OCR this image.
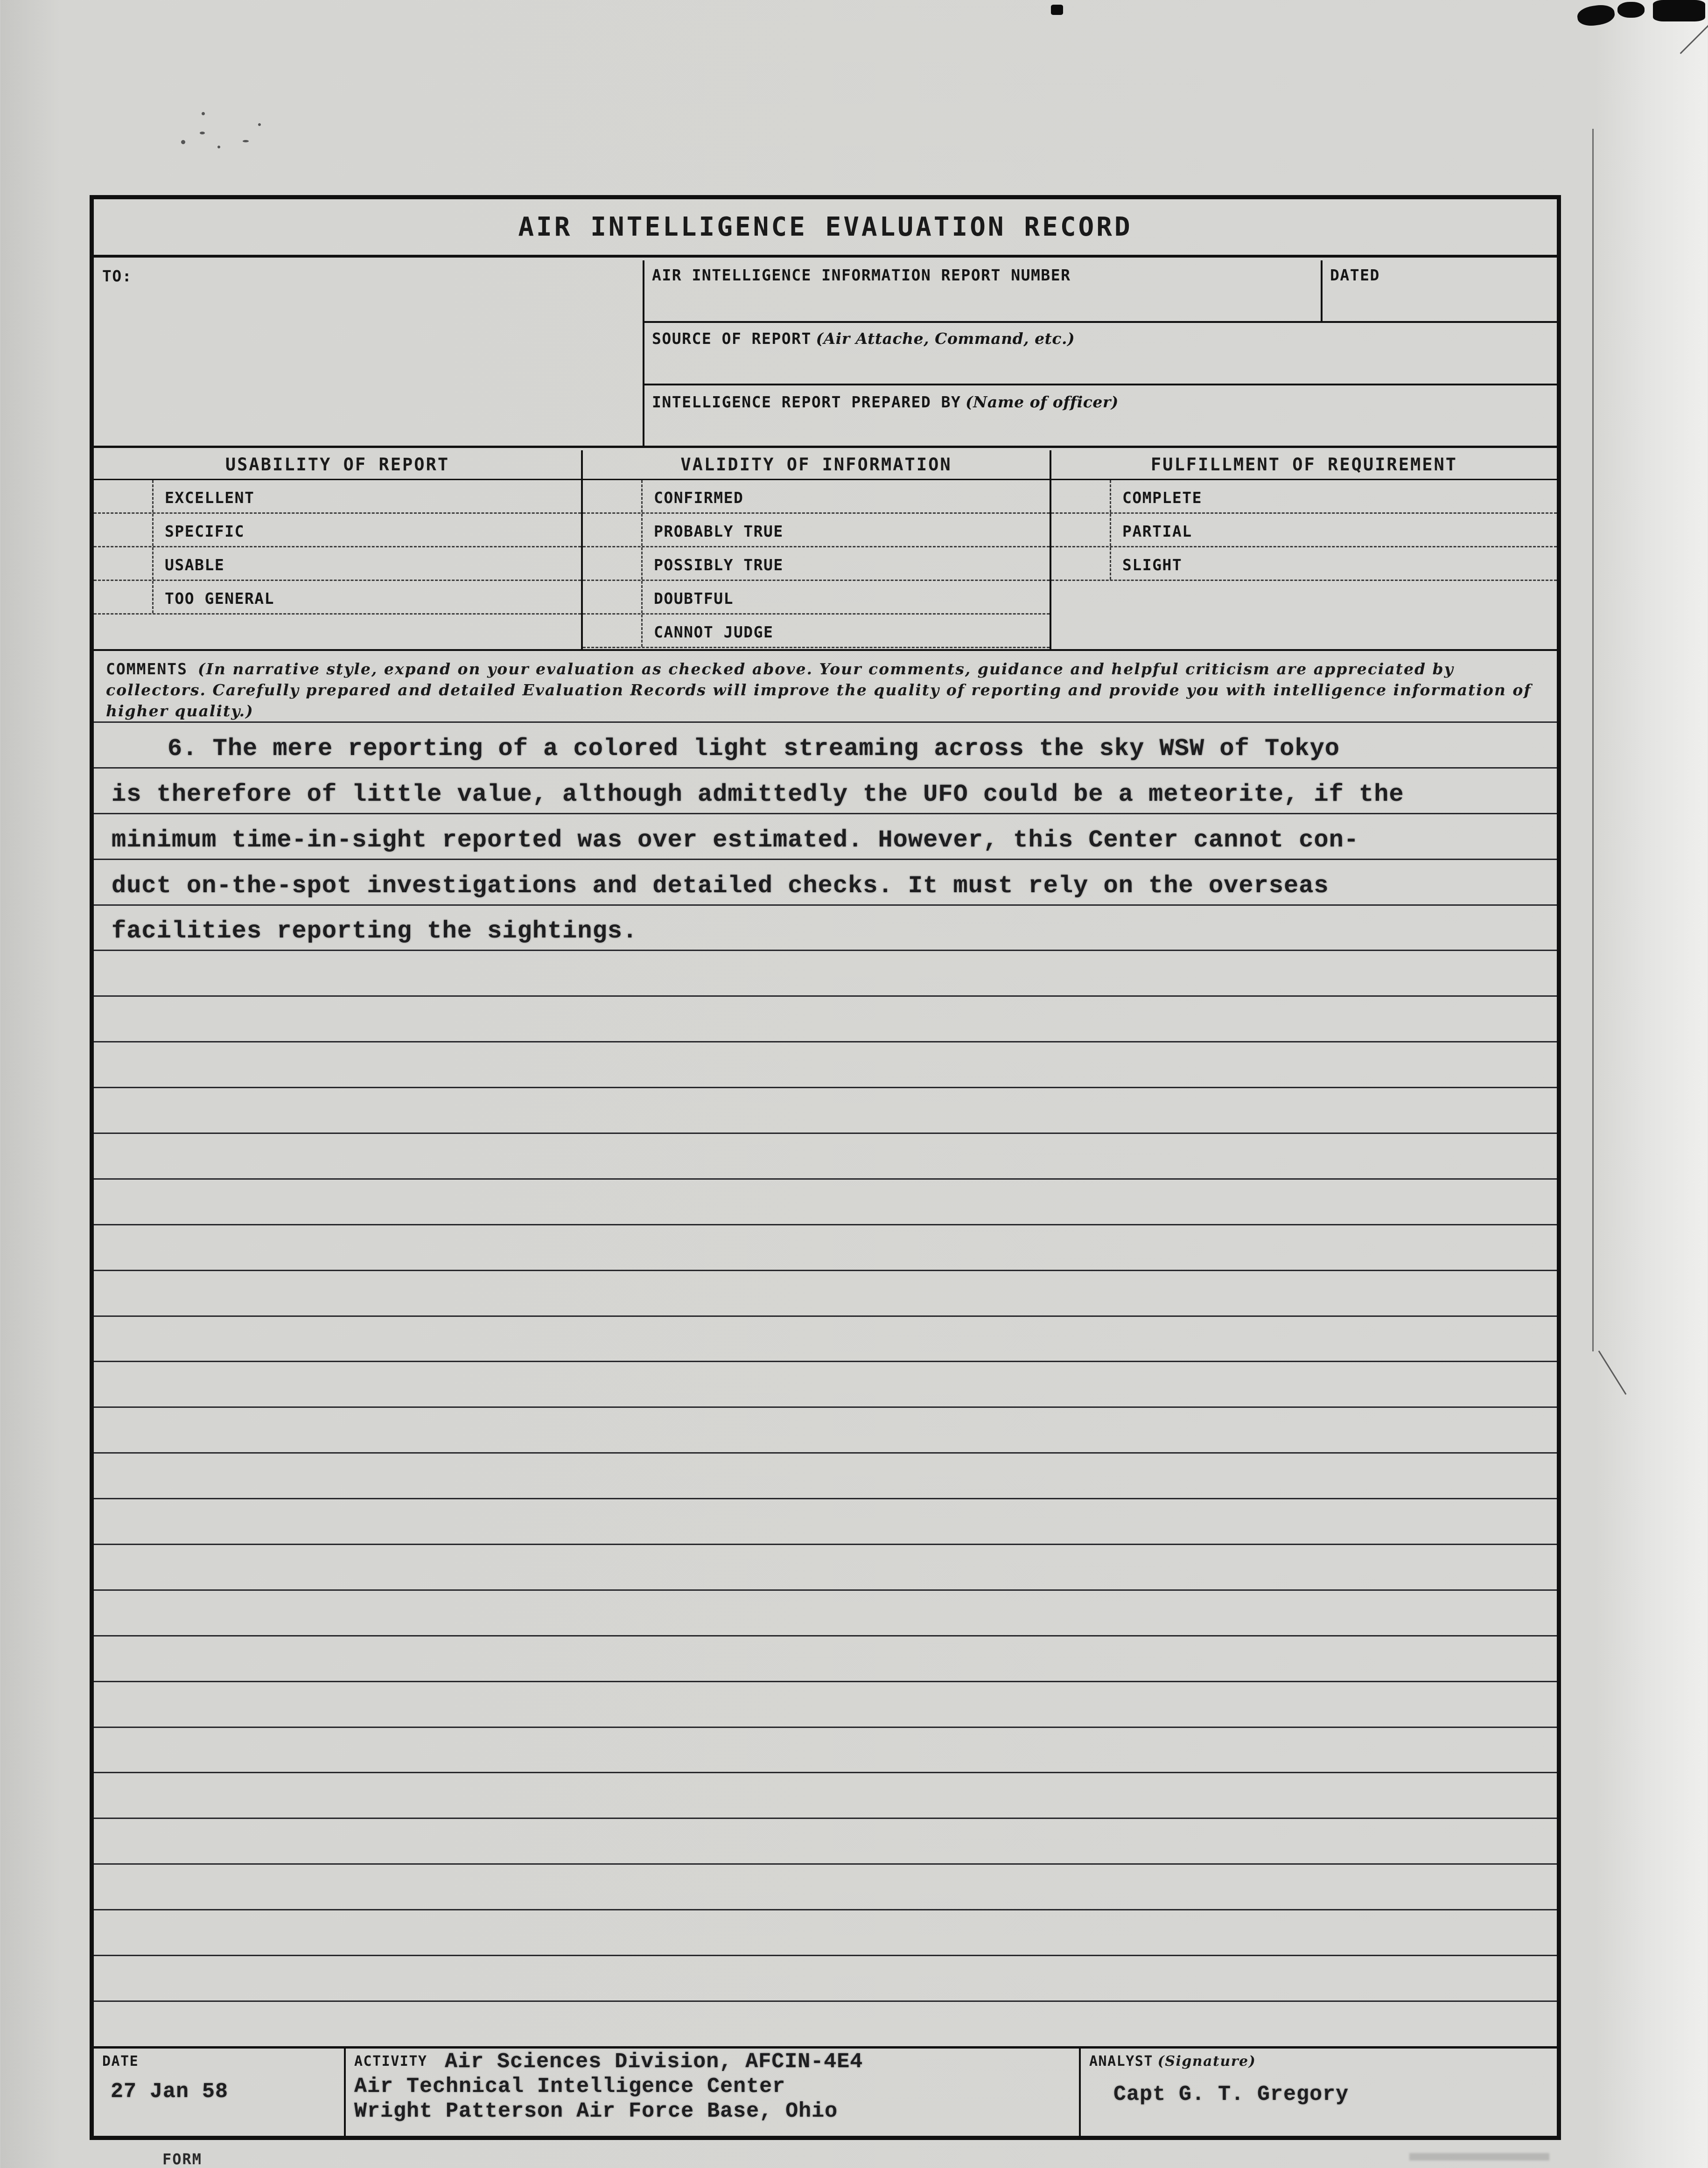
AIR INTELLIGENCE EVALUATION RECORD
TO:	AIR INTELLIGENCE INFORMATION REPORT NUMBER	DATED
SOURCE OF REPORT (Air Attache, Command, etc.)
INTELLIGENCE REPORT PREPARED BY (Name of officer)
USABILITY OF REPORT
EXCELLENT
SPECIFIC
USABLE
TOO GENERAL
VALIDITY OF INFORMATION
CONFIRMED
PROBABLY TRUE
POSSIBLY TRUE
DOUBTFUL
CANNOT JUDGE
FULFILLMENT OF REQUIREMENT
COMPLETE
PARTIAL
SLIGHT

COMMENTS (In narrative style, expand on your evaluation as checked above. Your comments, guidance and helpful criticism are appreciated by collectors. Carefully prepared and detailed Evaluation Records will improve the quality of reporting and provide you with intelligence information of higher quality.)

6. The mere reporting of a colored light streaming across the sky WSW of Tokyo
is therefore of little value, although admittedly the UFO could be a meteorite, if the
minimum time-in-sight reported was over estimated. However, this Center cannot con-
duct on-the-spot investigations and detailed checks. It must rely on the overseas
facilities reporting the sightings.
DATE
27 Jan 58
ACTIVITY Air Sciences Division, AFCIN-4E4
Air Technical Intelligence Center
Wright Patterson Air Force Base, Ohio
ANALYST (Signature)
Capt G. T. Gregory
FORM
